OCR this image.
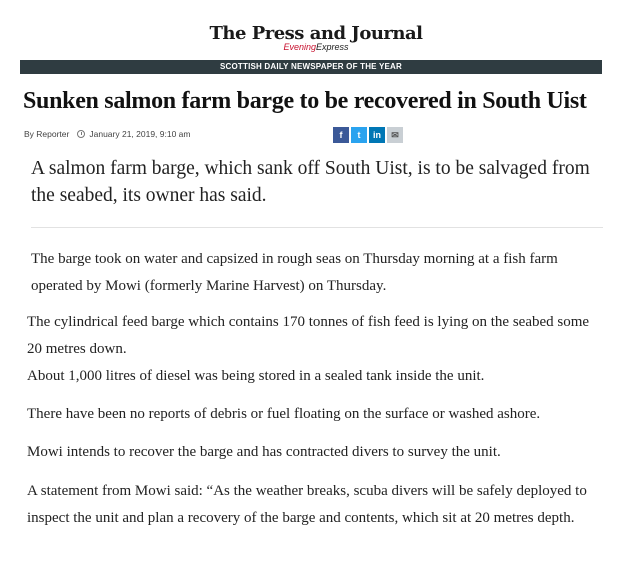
The Press and Journal
EveningExpress
SCOTTISH DAILY NEWSPAPER OF THE YEAR
Sunken salmon farm barge to be recovered in South Uist
By Reporter January 21, 2019, 9:10 am	f	t	in	✉
A salmon farm barge, which sank off South Uist, is to be salvaged from the seabed, its owner has said.
The barge took on water and capsized in rough seas on Thursday morning at a fish farm operated by Mowi (formerly Marine Harvest) on Thursday.
The cylindrical feed barge which contains 170 tonnes of fish feed is lying on the seabed some 20 metres down.
About 1,000 litres of diesel was being stored in a sealed tank inside the unit.
There have been no reports of debris or fuel floating on the surface or washed ashore.
Mowi intends to recover the barge and has contracted divers to survey the unit.
A statement from Mowi said: “As the weather breaks, scuba divers will be safely deployed to inspect the unit and plan a recovery of the barge and contents, which sit at 20 metres depth.
